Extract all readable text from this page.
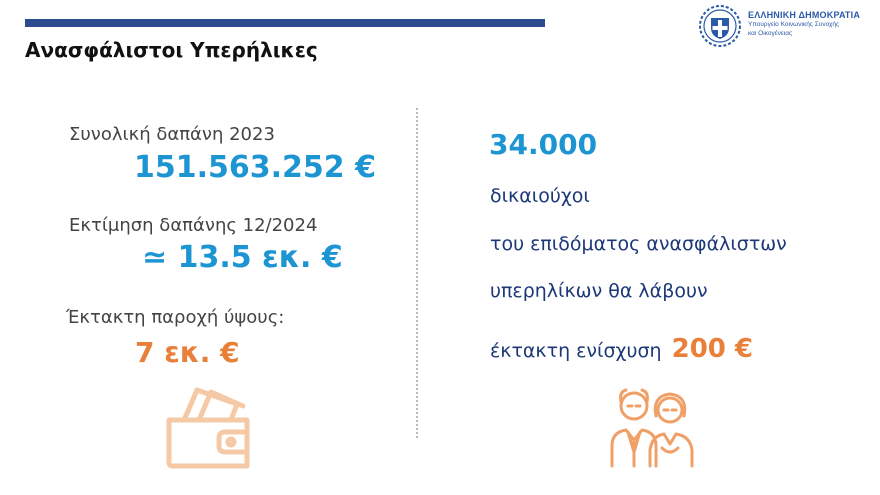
Ανασφάλιστοι Υπερήλικες
ΕΛΛΗΝΙΚΗ ΔΗΜΟΚΡΑΤΙΑ
Υπουργείο Κοινωνικής Συνοχής
και Οικογένειας
Συνολική δαπάνη 2023
151.563.252 €
Εκτίμηση δαπάνης 12/2024
≃ 13.5 εκ. €
Έκτακτη παροχή ύψους:
7 εκ. €
34.000
δικαιούχοι
του επιδόματος ανασφάλιστων
υπερηλίκων θα λάβουν
έκτακτη ενίσχυση 200 €
